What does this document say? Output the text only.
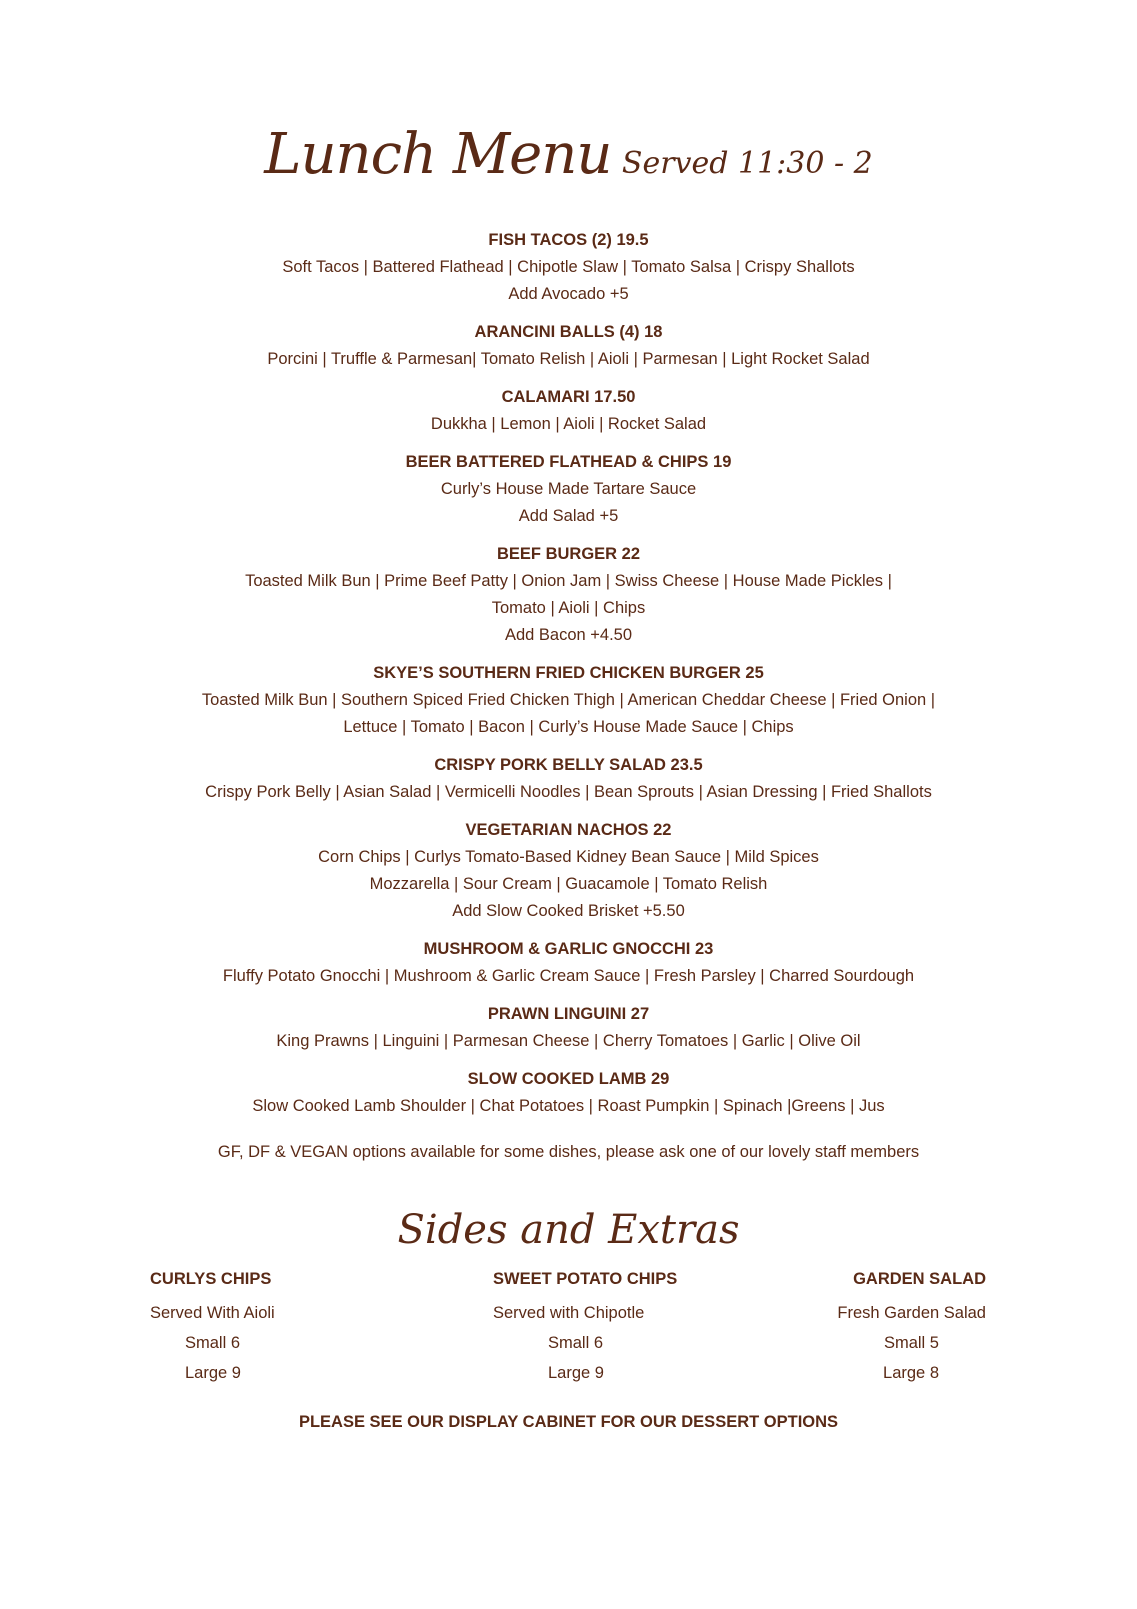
Lunch Menu Served 11:30 - 2
FISH TACOS (2) 19.5
Soft Tacos | Battered Flathead | Chipotle Slaw | Tomato Salsa | Crispy Shallots
Add Avocado +5
ARANCINI BALLS (4) 18
Porcini | Truffle & Parmesan| Tomato Relish | Aioli | Parmesan | Light Rocket Salad
CALAMARI 17.50
Dukkha | Lemon | Aioli | Rocket Salad
BEER BATTERED FLATHEAD & CHIPS 19
Curly’s House Made Tartare Sauce
Add Salad +5
BEEF BURGER 22
Toasted Milk Bun | Prime Beef Patty | Onion Jam | Swiss Cheese | House Made Pickles |
Tomato | Aioli | Chips
Add Bacon +4.50
SKYE’S SOUTHERN FRIED CHICKEN BURGER 25
Toasted Milk Bun | Southern Spiced Fried Chicken Thigh | American Cheddar Cheese | Fried Onion |
Lettuce | Tomato | Bacon | Curly’s House Made Sauce | Chips
CRISPY PORK BELLY SALAD 23.5
Crispy Pork Belly | Asian Salad | Vermicelli Noodles | Bean Sprouts | Asian Dressing | Fried Shallots
VEGETARIAN NACHOS 22
Corn Chips | Curlys Tomato-Based Kidney Bean Sauce | Mild Spices
Mozzarella | Sour Cream | Guacamole | Tomato Relish
Add Slow Cooked Brisket +5.50
MUSHROOM & GARLIC GNOCCHI 23
Fluffy Potato Gnocchi | Mushroom & Garlic Cream Sauce | Fresh Parsley | Charred Sourdough
PRAWN LINGUINI 27
King Prawns | Linguini | Parmesan Cheese | Cherry Tomatoes | Garlic | Olive Oil
SLOW COOKED LAMB 29
Slow Cooked Lamb Shoulder | Chat Potatoes | Roast Pumpkin | Spinach |Greens | Jus
GF, DF & VEGAN options available for some dishes, please ask one of our lovely staff members
Sides and Extras
CURLYS CHIPS
Served With Aioli
Small 6
Large 9
SWEET POTATO CHIPS
Served with Chipotle
Small 6
Large 9
GARDEN SALAD
Fresh Garden Salad
Small 5
Large 8
PLEASE SEE OUR DISPLAY CABINET FOR OUR DESSERT OPTIONS
